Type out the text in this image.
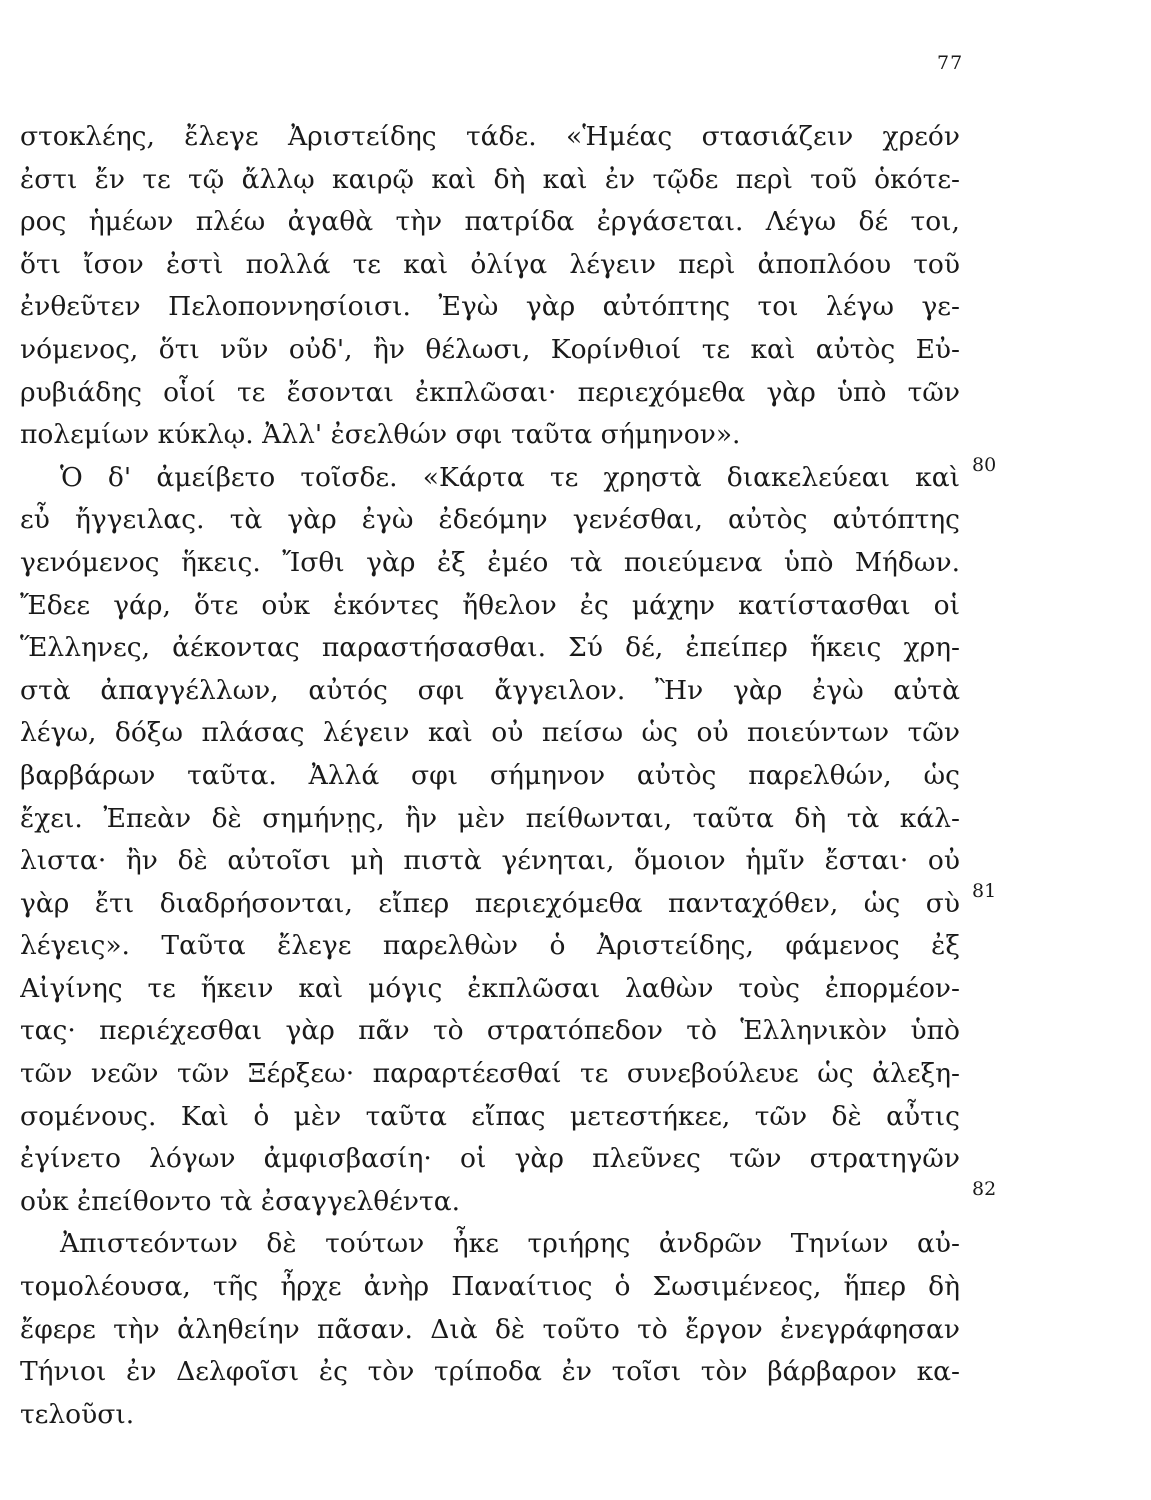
77
στοκλέης, ἔλεγε Ἀριστείδης τάδε. «Ἡμέας στασιάζειν χρεόν
ἐστι ἔν τε τῷ ἄλλῳ καιρῷ καὶ δὴ καὶ ἐν τῷδε περὶ τοῦ ὁκότε-
ρος ἡμέων πλέω ἀγαθὰ τὴν πατρίδα ἐργάσεται. Λέγω δέ τοι,
ὅτι ἴσον ἐστὶ πολλά τε καὶ ὀλίγα λέγειν περὶ ἀποπλόου τοῦ
ἐνθεῦτεν Πελοποννησίοισι. Ἐγὼ γὰρ αὐτόπτης τοι λέγω γε-
νόμενος, ὅτι νῦν οὐδ', ἢν θέλωσι, Κορίνθιοί τε καὶ αὐτὸς Εὐ-
ρυβιάδης οἷοί τε ἔσονται ἐκπλῶσαι· περιεχόμεθα γὰρ ὑπὸ τῶν
πολεμίων κύκλῳ. Ἀλλ' ἐσελθών σφι ταῦτα σήμηνον».
Ὁ δ' ἀμείβετο τοῖσδε. «Κάρτα τε χρηστὰ διακελεύεαι καὶ
εὖ ἤγγειλας. τὰ γὰρ ἐγὼ ἐδεόμην γενέσθαι, αὐτὸς αὐτόπτης
γενόμενος ἥκεις. Ἴσθι γὰρ ἐξ ἐμέο τὰ ποιεύμενα ὑπὸ Μήδων.
Ἔδεε γάρ, ὅτε οὐκ ἑκόντες ἤθελον ἐς μάχην κατίστασθαι οἱ
Ἕλληνες, ἀέκοντας παραστήσασθαι. Σύ δέ, ἐπείπερ ἥκεις χρη-
στὰ ἀπαγγέλλων, αὐτός σφι ἄγγειλον. Ἢν γὰρ ἐγὼ αὐτὰ
λέγω, δόξω πλάσας λέγειν καὶ οὐ πείσω ὡς οὐ ποιεύντων τῶν
βαρβάρων ταῦτα. Ἀλλά σφι σήμηνον αὐτὸς παρελθών, ὡς
ἔχει. Ἐπεὰν δὲ σημήνῃς, ἢν μὲν πείθωνται, ταῦτα δὴ τὰ κάλ-
λιστα· ἢν δὲ αὐτοῖσι μὴ πιστὰ γένηται, ὅμοιον ἡμῖν ἔσται· οὐ
γὰρ ἔτι διαδρήσονται, εἴπερ περιεχόμεθα πανταχόθεν, ὡς σὺ
λέγεις». Ταῦτα ἔλεγε παρελθὼν ὁ Ἀριστείδης, φάμενος ἐξ
Αἰγίνης τε ἥκειν καὶ μόγις ἐκπλῶσαι λαθὼν τοὺς ἐπορμέον-
τας· περιέχεσθαι γὰρ πᾶν τὸ στρατόπεδον τὸ Ἑλληνικὸν ὑπὸ
τῶν νεῶν τῶν Ξέρξεω· παραρτέεσθαί τε συνεβούλευε ὡς ἀλεξη-
σομένους. Καὶ ὁ μὲν ταῦτα εἴπας μετεστήκεε, τῶν δὲ αὖτις
ἐγίνετο λόγων ἀμφισβασίη· οἱ γὰρ πλεῦνες τῶν στρατηγῶν
οὐκ ἐπείθοντο τὰ ἐσαγγελθέντα.
Ἀπιστεόντων δὲ τούτων ἦκε τριήρης ἀνδρῶν Τηνίων αὐ-
τομολέουσα, τῆς ἦρχε ἀνὴρ Παναίτιος ὁ Σωσιμένεος, ἥπερ δὴ
ἔφερε τὴν ἀληθείην πᾶσαν. Διὰ δὲ τοῦτο τὸ ἔργον ἐνεγράφησαν
Τήνιοι ἐν Δελφοῖσι ἐς τὸν τρίποδα ἐν τοῖσι τὸν βάρβαρον κα-
τελοῦσι.
80
81
82
